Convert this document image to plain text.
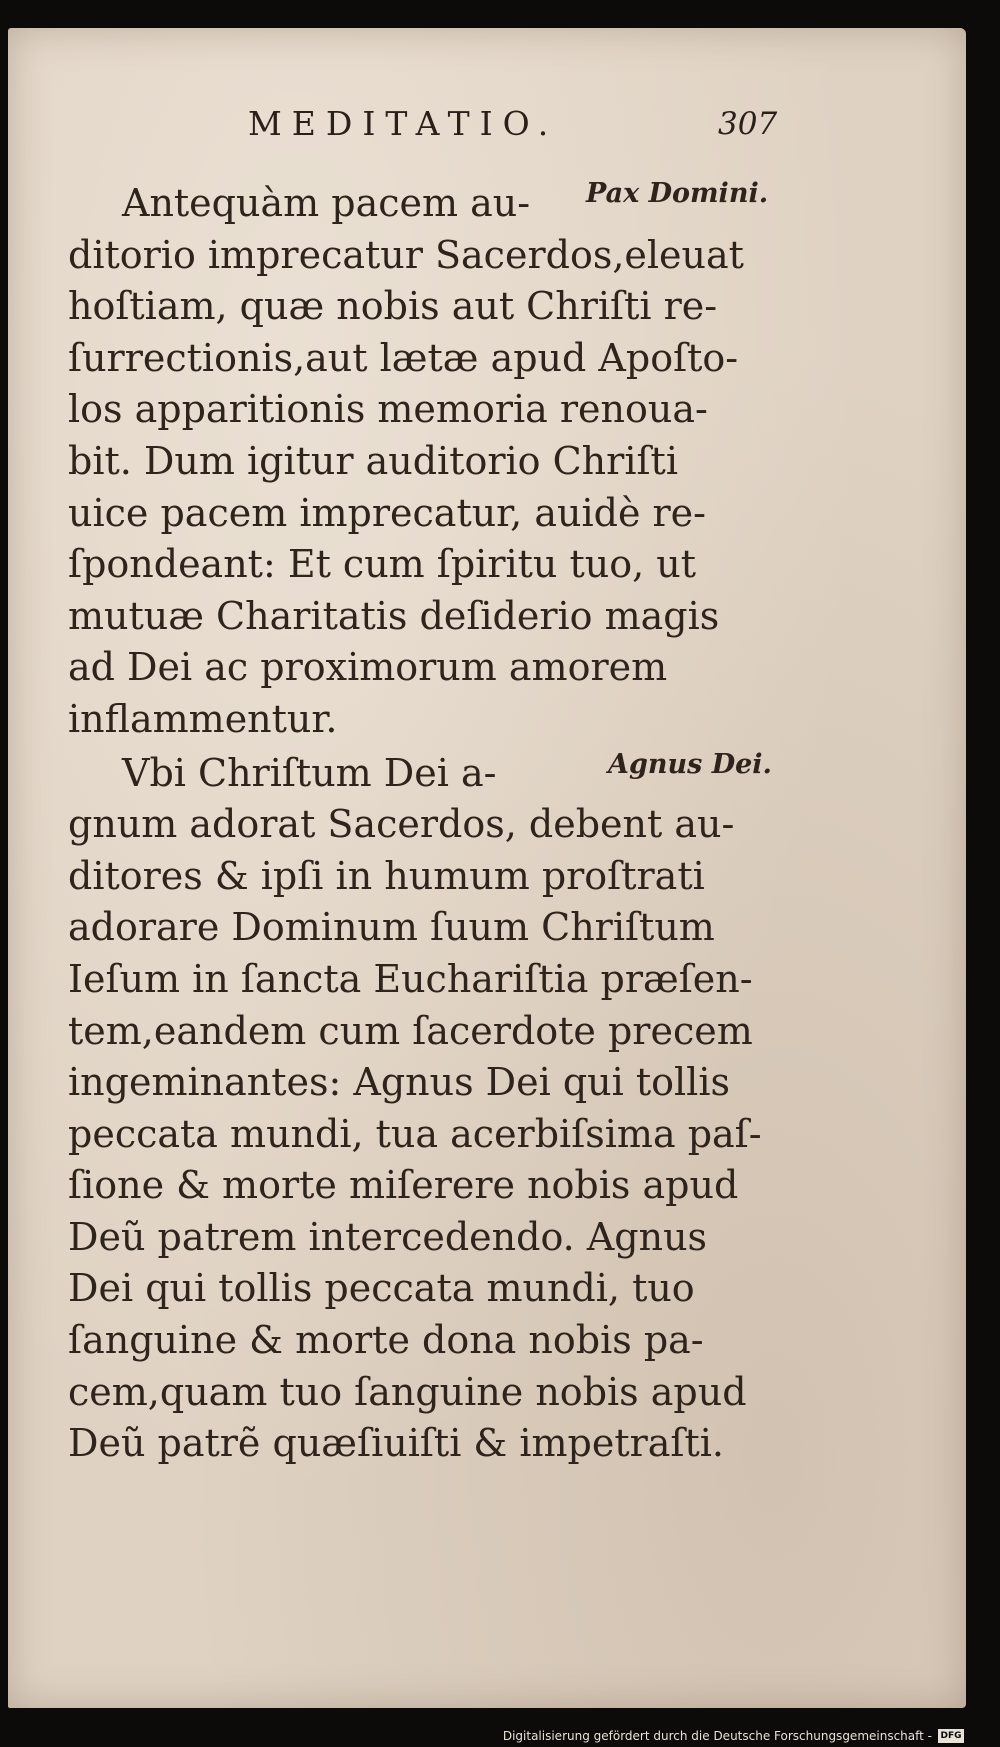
MEDITATIO.	307
Pax Domini.
Agnus Dei.
Antequàm pacem au-
ditorio imprecatur Sacerdos,eleuat
hoſtiam, quæ nobis aut Chriſti re-
ſurrectionis,aut lætæ apud Apoſto-
los apparitionis memoria renoua-
bit. Dum igitur auditorio Chriſti
uice pacem imprecatur, auidè re-
ſpondeant: Et cum ſpiritu tuo, ut
mutuæ Charitatis deſiderio magis
ad Dei ac proximorum amorem
inflammentur.
Vbi Chriſtum Dei a-
gnum adorat Sacerdos, debent au-
ditores & ipſi in humum proſtrati
adorare Dominum ſuum Chriſtum
Ieſum in ſancta Euchariſtia præſen-
tem,eandem cum ſacerdote precem
ingeminantes: Agnus Dei qui tollis
peccata mundi, tua acerbiſsima paſ-
ſione & morte miſerere nobis apud
Deũ patrem intercedendo. Agnus
Dei qui tollis peccata mundi, tuo
ſanguine & morte dona nobis pa-
cem,quam tuo ſanguine nobis apud
Deũ patrẽ quæſiuiſti & impetraſti.
Digitalisierung gefördert durch die Deutsche Forschungsgemeinschaft - DFG
